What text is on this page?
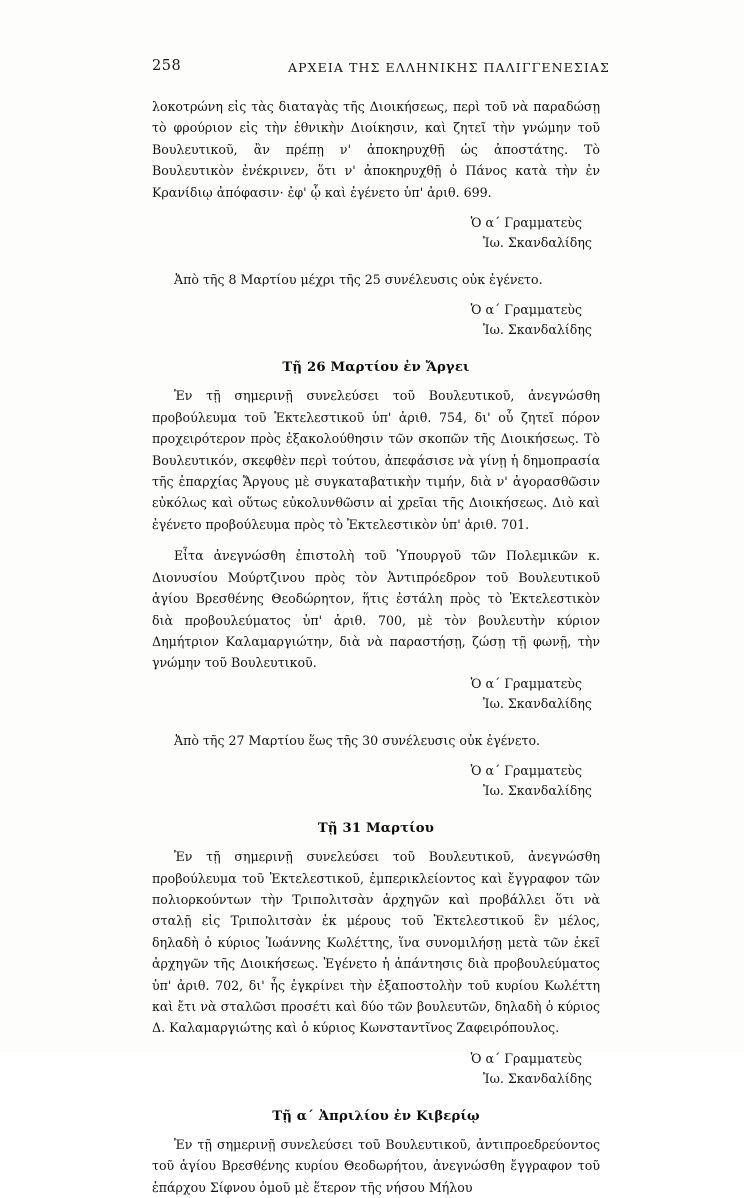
258	ΑΡΧΕΙΑ ΤΗΣ ΕΛΛΗΝΙΚΗΣ ΠΑΛΙΓΓΕΝΕΣΙΑΣ

λοκοτρώνη εἰς τὰς διαταγὰς τῆς Διοικήσεως, περὶ τοῦ νὰ παραδώσῃ τὸ φρούριον εἰς τὴν ἐθνικὴν Διοίκησιν, καὶ ζητεῖ τὴν γνώμην τοῦ Βουλευτικοῦ, ἂν πρέπῃ ν' ἀποκηρυχθῇ ὡς ἀποστάτης. Τὸ Βουλευτικὸν ἐνέκρινεν, ὅτι ν' ἀποκηρυχθῇ ὁ Πάνος κατὰ τὴν ἐν Κρανίδιῳ ἀπόφασιν· ἐφ' ᾧ καὶ ἐγένετο ὑπ' ἀριθ. 699.

Ὁ α΄ Γραμματεὺς

Ἰω. Σκανδαλίδης

Ἀπὸ τῆς 8 Μαρτίου μέχρι τῆς 25 συνέλευσις οὐκ ἐγένετο.

Ὁ α΄ Γραμματεὺς

Ἰω. Σκανδαλίδης

Τῇ 26 Μαρτίου ἐν Ἄργει

Ἐν τῇ σημερινῇ συνελεύσει τοῦ Βουλευτικοῦ, ἀνεγνώσθη προβούλευμα τοῦ Ἐκτελεστικοῦ ὑπ' ἀριθ. 754, δι' οὗ ζητεῖ πόρον προχειρότερον πρὸς ἐξακολούθησιν τῶν σκοπῶν τῆς Διοικήσεως. Τὸ Βουλευτικόν, σκεφθὲν περὶ τούτου, ἀπεφάσισε νὰ γίνῃ ἡ δημοπρασία τῆς ἐπαρχίας Ἄργους μὲ συγκαταβατικὴν τιμήν, διὰ ν' ἀγορασθῶσιν εὐκόλως καὶ οὕτως εὐκολυνθῶσιν αἱ χρεῖαι τῆς Διοικήσεως. Διὸ καὶ ἐγένετο προβούλευμα πρὸς τὸ Ἐκτελεστικὸν ὑπ' ἀριθ. 701.

Εἶτα ἀνεγνώσθη ἐπιστολὴ τοῦ Ὑπουργοῦ τῶν Πολεμικῶν κ. Διονυσίου Μούρτζινου πρὸς τὸν Ἀντιπρόεδρον τοῦ Βουλευτικοῦ ἁγίου Βρεσθένης Θεοδώρητον, ἥτις ἐστάλη πρὸς τὸ Ἐκτελεστικὸν διὰ προβουλεύματος ὑπ' ἀριθ. 700, μὲ τὸν βουλευτὴν κύριον Δημήτριον Καλαμαργιώτην, διὰ νὰ παραστήσῃ, ζώσῃ τῇ φωνῇ, τὴν γνώμην τοῦ Βουλευτικοῦ.

Ὁ α΄ Γραμματεὺς

Ἰω. Σκανδαλίδης

Ἀπὸ τῆς 27 Μαρτίου ἕως τῆς 30 συνέλευσις οὐκ ἐγένετο.

Ὁ α΄ Γραμματεὺς

Ἰω. Σκανδαλίδης

Τῇ 31 Μαρτίου

Ἐν τῇ σημερινῇ συνελεύσει τοῦ Βουλευτικοῦ, ἀνεγνώσθη προβούλευμα τοῦ Ἐκτελεστικοῦ, ἐμπερικλείοντος καὶ ἔγγραφον τῶν πολιορκούντων τὴν Τριπολιτσὰν ἀρχηγῶν καὶ προβάλλει ὅτι νὰ σταλῇ εἰς Τριπολιτσὰν ἐκ μέρους τοῦ Ἐκτελεστικοῦ ἓν μέλος, δηλαδὴ ὁ κύριος Ἰωάννης Κωλέττης, ἵνα συνομιλήσῃ μετὰ τῶν ἐκεῖ ἀρχηγῶν τῆς Διοικήσεως. Ἐγένετο ἡ ἀπάντησις διὰ προβουλεύματος ὑπ' ἀριθ. 702, δι' ἧς ἐγκρίνει τὴν ἐξαποστολὴν τοῦ κυρίου Κωλέττη καὶ ἔτι νὰ σταλῶσι προσέτι καὶ δύο τῶν βουλευτῶν, δηλαδὴ ὁ κύριος Δ. Καλαμαργιώτης καὶ ὁ κύριος Κωνσταντῖνος Ζαφειρόπουλος.

Ὁ α΄ Γραμματεὺς

Ἰω. Σκανδαλίδης

Τῇ α΄ Ἀπριλίου ἐν Κιβερίῳ

Ἐν τῇ σημερινῇ συνελεύσει τοῦ Βουλευτικοῦ, ἀντιπροεδρεύοντος τοῦ ἁγίου Βρεσθένης κυρίου Θεοδωρήτου, ἀνεγνώσθη ἔγγραφον τοῦ ἐπάρχου Σίφνου ὁμοῦ μὲ ἕτερον τῆς νήσου Μήλου
